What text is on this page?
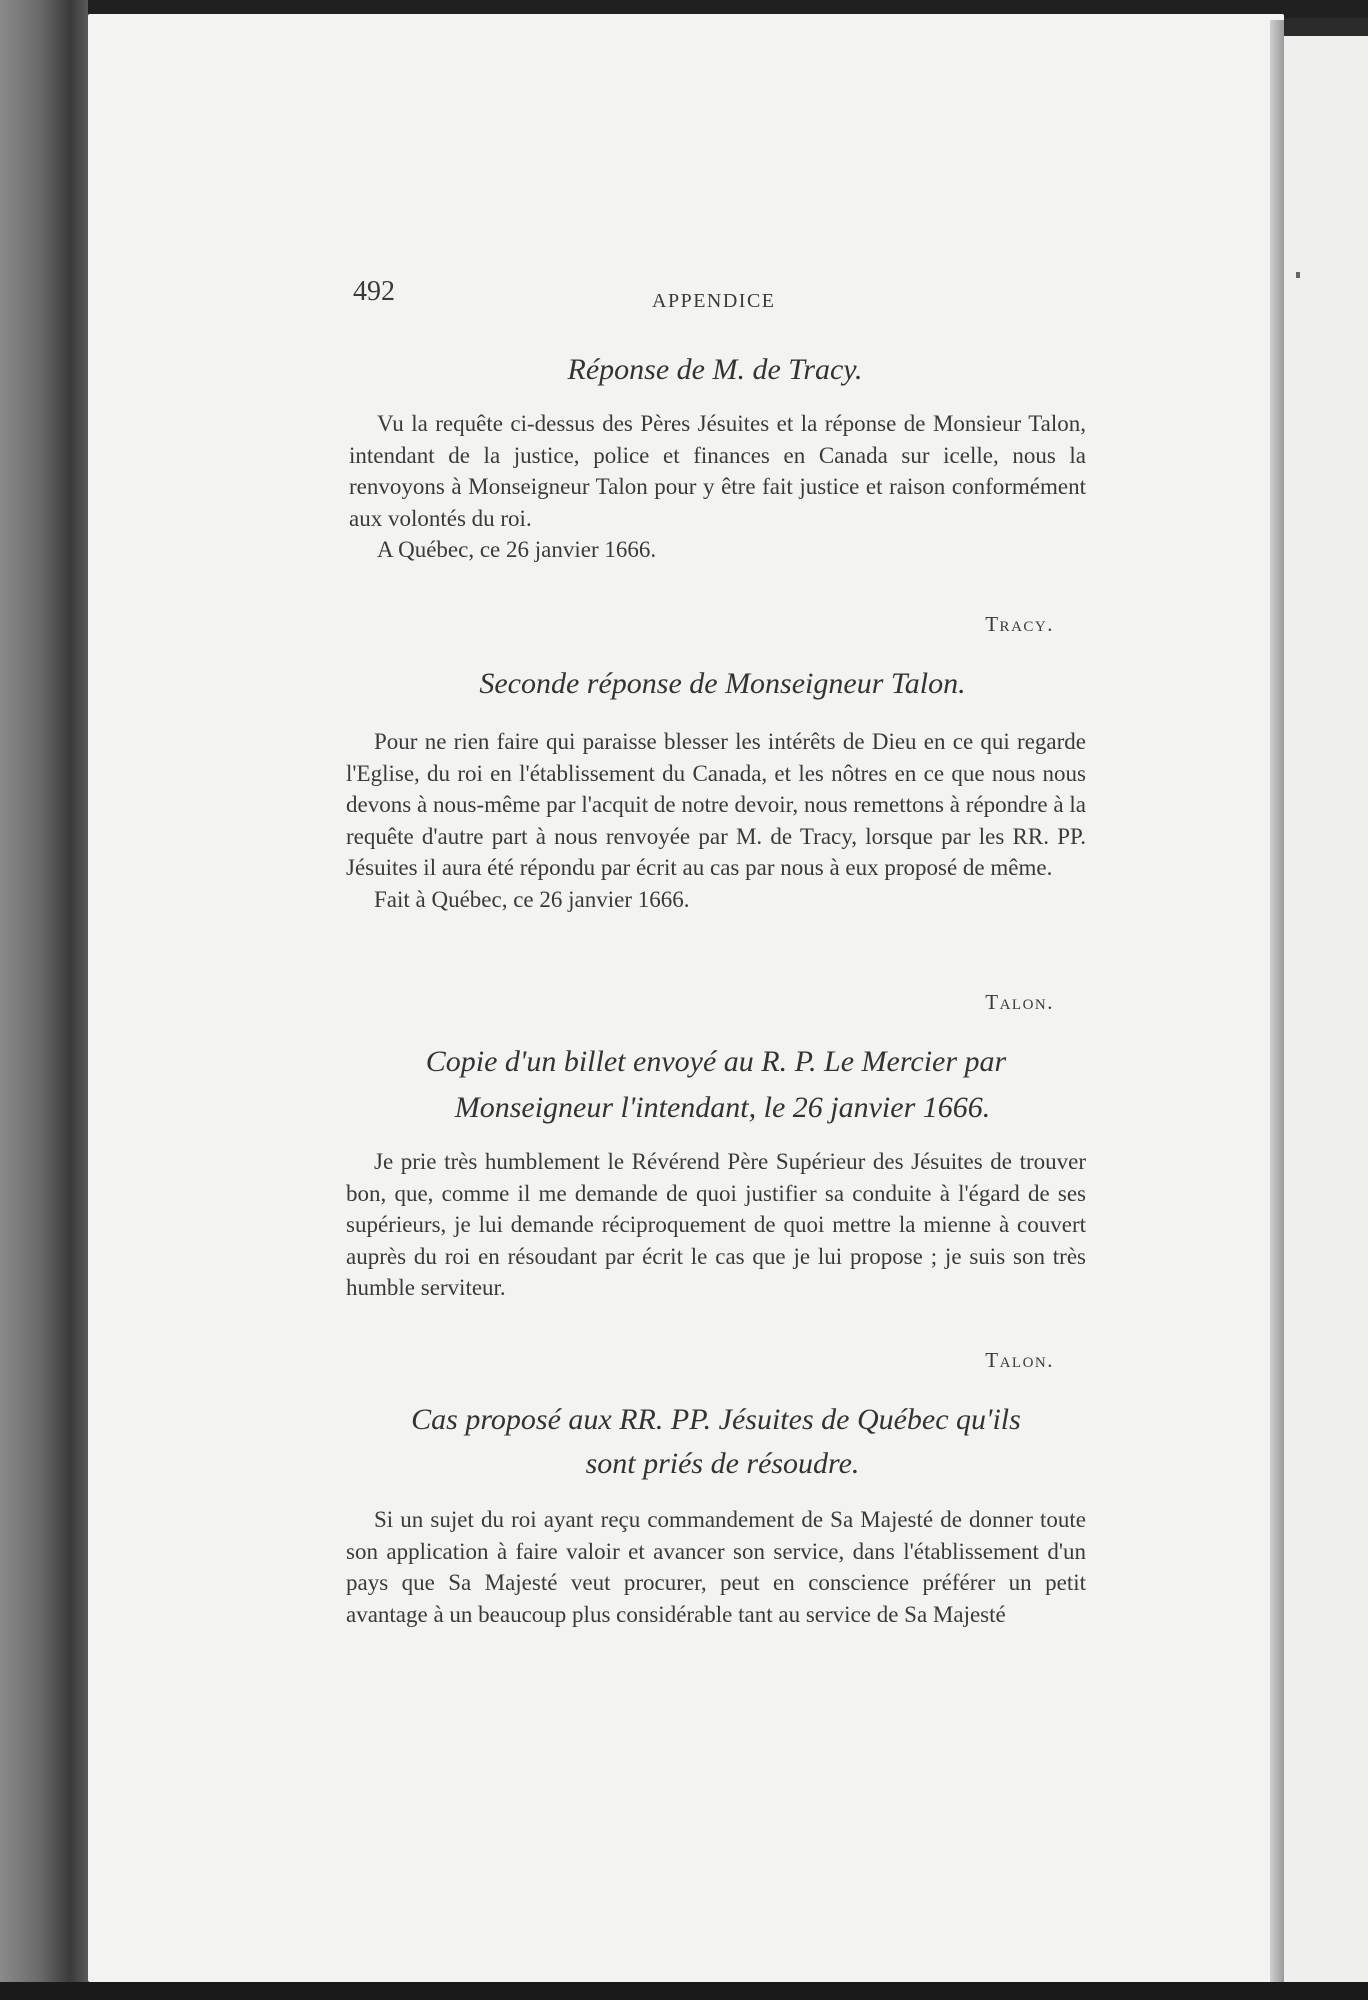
492	APPENDICE
Réponse de M. de Tracy.

Vu la requête ci-dessus des Pères Jésuites et la réponse de Monsieur Talon, intendant de la justice, police et finances en Canada sur icelle, nous la renvoyons à Monseigneur Talon pour y être fait justice et raison conformément aux volontés du roi.

A Québec, ce 26 janvier 1666.

Tracy.
Seconde réponse de Monseigneur Talon.

Pour ne rien faire qui paraisse blesser les intérêts de Dieu en ce qui regarde l'Eglise, du roi en l'établissement du Canada, et les nôtres en ce que nous nous devons à nous-même par l'acquit de notre devoir, nous remettons à répondre à la requête d'autre part à nous renvoyée par M. de Tracy, lorsque par les RR. PP. Jésuites il aura été répondu par écrit au cas par nous à eux proposé de même.

Fait à Québec, ce 26 janvier 1666.

Talon.
Copie d'un billet envoyé au R. P. Le Mercier par
Monseigneur l'intendant, le 26 janvier 1666.

Je prie très humblement le Révérend Père Supérieur des Jésuites de trouver bon, que, comme il me demande de quoi justifier sa conduite à l'égard de ses supérieurs, je lui demande réciproquement de quoi mettre la mienne à couvert auprès du roi en résoudant par écrit le cas que je lui propose ; je suis son très humble serviteur.

Talon.
Cas proposé aux RR. PP. Jésuites de Québec qu'ils
sont priés de résoudre.

Si un sujet du roi ayant reçu commandement de Sa Majesté de donner toute son application à faire valoir et avancer son service, dans l'établissement d'un pays que Sa Majesté veut procurer, peut en conscience préférer un petit avantage à un beaucoup plus considérable tant au service de Sa Majesté
